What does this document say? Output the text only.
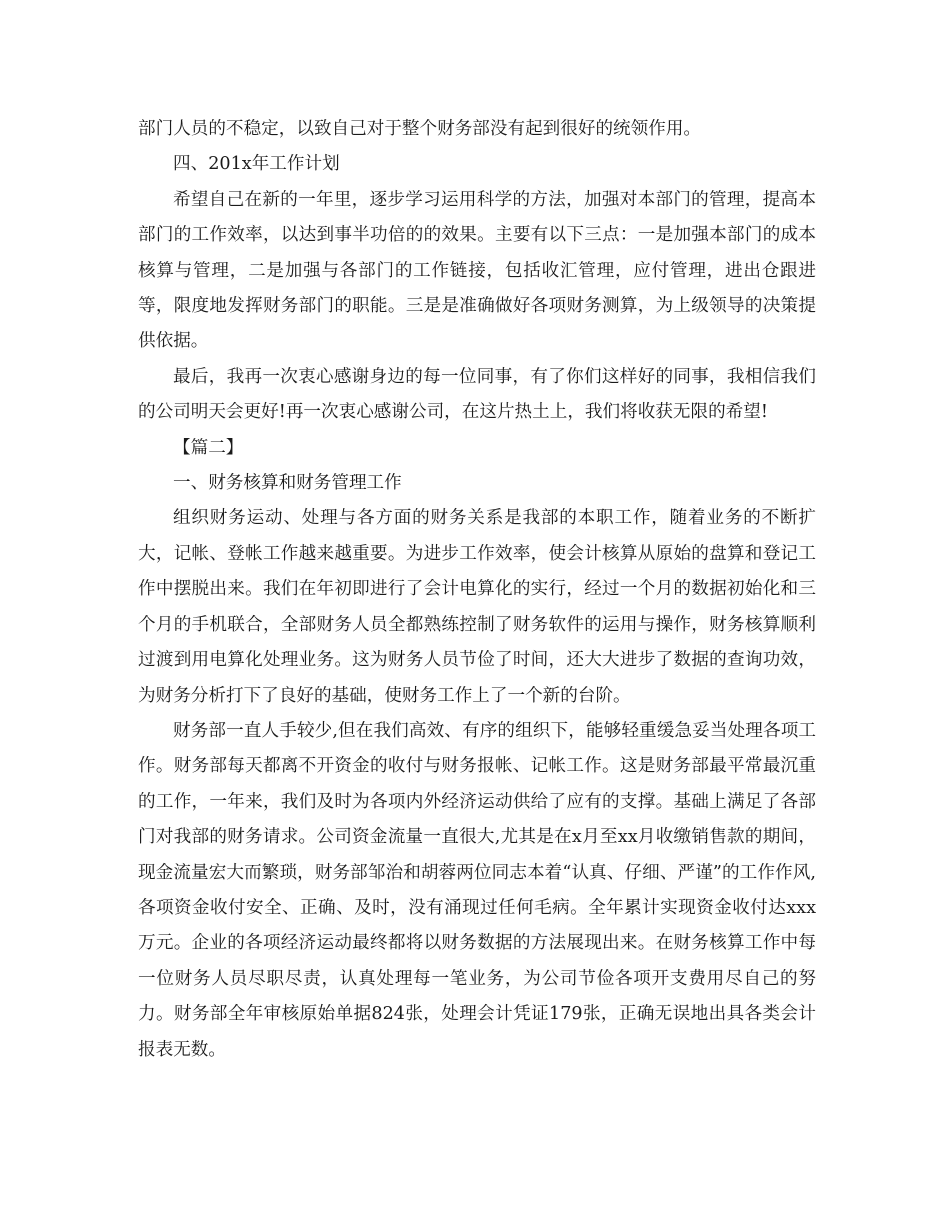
部门人员的不稳定，以致自己对于整个财务部没有起到很好的统领作用。

四、201x年工作计划

希望自己在新的一年里，逐步学习运用科学的方法，加强对本部门的管理，提高本部门的工作效率，以达到事半功倍的的效果。主要有以下三点：一是加强本部门的成本核算与管理，二是加强与各部门的工作链接，包括收汇管理，应付管理，进出仓跟进等，限度地发挥财务部门的职能。三是是准确做好各项财务测算，为上级领导的决策提供依据。

最后，我再一次衷心感谢身边的每一位同事，有了你们这样好的同事，我相信我们的公司明天会更好!再一次衷心感谢公司，在这片热土上，我们将收获无限的希望!

【篇二】

一、财务核算和财务管理工作

组织财务运动、处理与各方面的财务关系是我部的本职工作，随着业务的不断扩大，记帐、登帐工作越来越重要。为进步工作效率，使会计核算从原始的盘算和登记工作中摆脱出来。我们在年初即进行了会计电算化的实行，经过一个月的数据初始化和三个月的手机联合，全部财务人员全都熟练控制了财务软件的运用与操作，财务核算顺利过渡到用电算化处理业务。这为财务人员节俭了时间，还大大进步了数据的查询功效，为财务分析打下了良好的基础，使财务工作上了一个新的台阶。

财务部一直人手较少,但在我们高效、有序的组织下，能够轻重缓急妥当处理各项工作。财务部每天都离不开资金的收付与财务报帐、记帐工作。这是财务部最平常最沉重的工作，一年来，我们及时为各项内外经济运动供给了应有的支撑。基础上满足了各部门对我部的财务请求。公司资金流量一直很大,尤其是在x月至xx月收缴销售款的期间，现金流量宏大而繁琐，财务部邹治和胡蓉两位同志本着“认真、仔细、严谨”的工作作风,各项资金收付安全、正确、及时，没有涌现过任何毛病。全年累计实现资金收付达xxx万元。企业的各项经济运动最终都将以财务数据的方法展现出来。在财务核算工作中每一位财务人员尽职尽责，认真处理每一笔业务，为公司节俭各项开支费用尽自己的努力。财务部全年审核原始单据824张，处理会计凭证179张，正确无误地出具各类会计报表无数。
